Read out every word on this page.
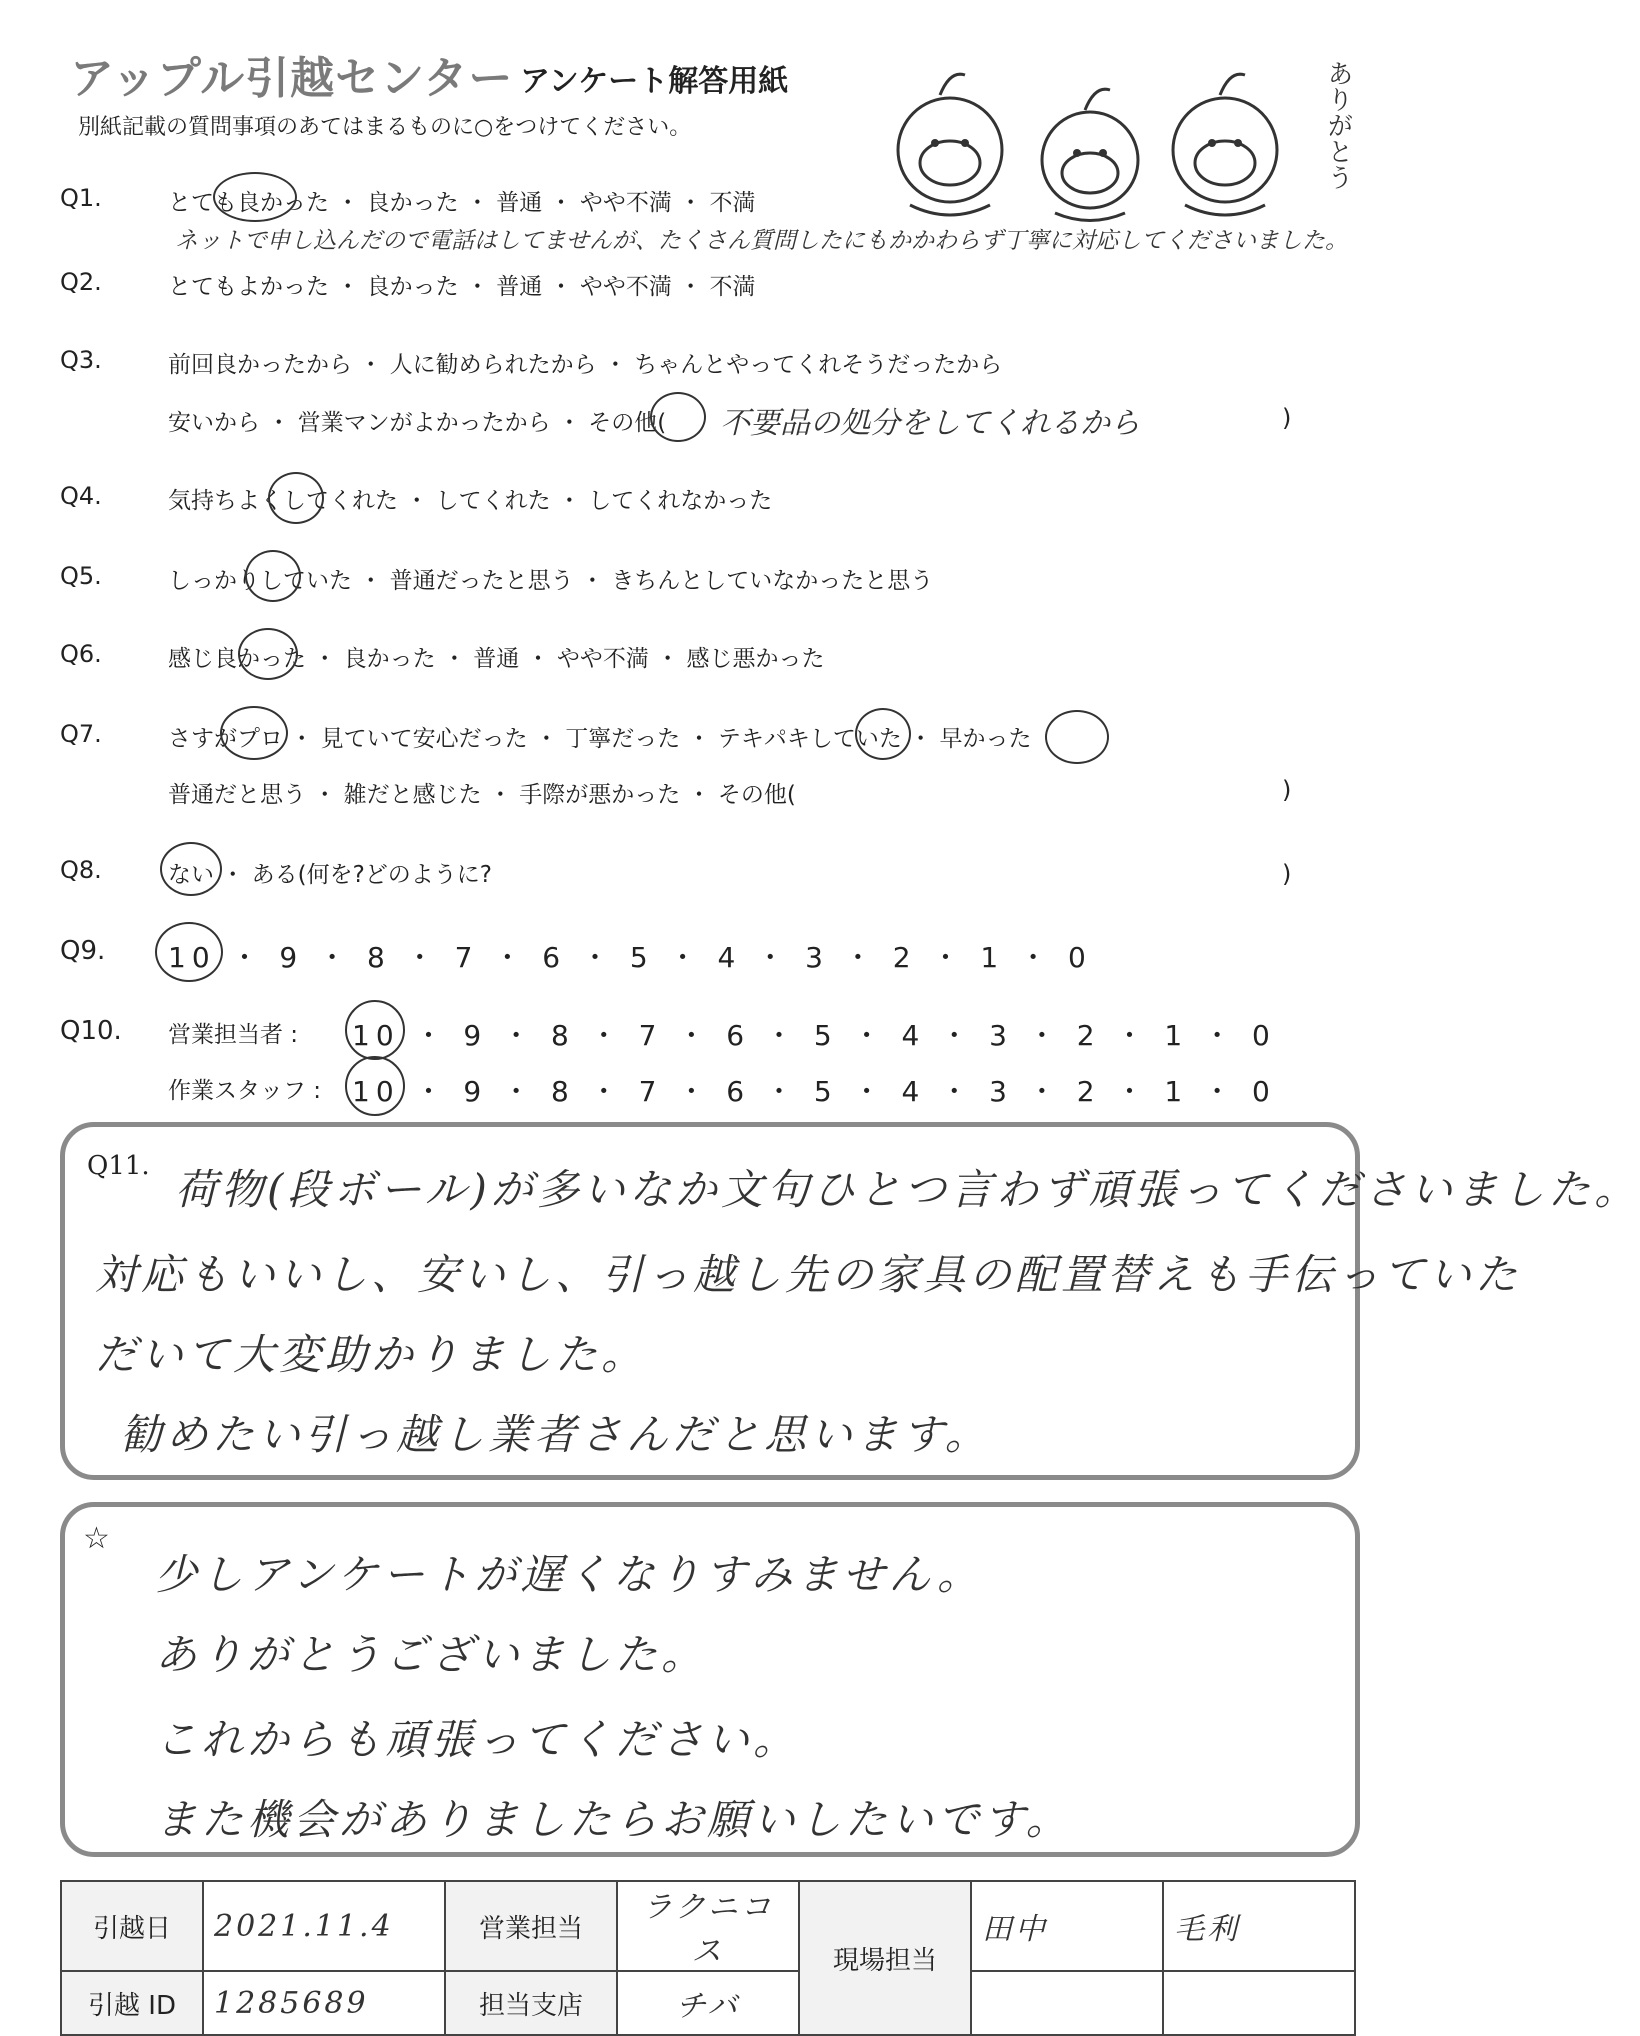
アップル引越センター アンケート解答用紙
別紙記載の質問事項のあてはまるものに○をつけてください。	ありがとう
Q1.	とても良かった ・ 良かった ・ 普通 ・ やや不満 ・ 不満
ネットで申し込んだので電話はしてませんが、たくさん質問したにもかかわらず丁寧に対応してくださいました。
Q2.	とてもよかった ・ 良かった ・ 普通 ・ やや不満 ・ 不満
Q3.	前回良かったから ・ 人に勧められたから ・ ちゃんとやってくれそうだったから
安いから ・ 営業マンがよかったから ・ その他( 不要品の処分をしてくれるから	)
Q4.	気持ちよくしてくれた ・ してくれた ・ してくれなかった
Q5.	しっかりしていた ・ 普通だったと思う ・ きちんとしていなかったと思う
Q6.	感じ良かった ・ 良かった ・ 普通 ・ やや不満 ・ 感じ悪かった
Q7.	さすがプロ ・ 見ていて安心だった ・ 丁寧だった ・ テキパキしていた ・ 早かった
普通だと思う ・ 雑だと感じた ・ 手際が悪かった ・ その他(	)
Q8.	ない ・ ある(何を?どのように?	)
Q9. 10 ・ 9 ・ 8 ・ 7 ・ 6 ・ 5 ・ 4 ・ 3 ・ 2 ・ 1 ・ 0
Q10. 営業担当者 : 10 ・ 9 ・ 8 ・ 7 ・ 6 ・ 5 ・ 4 ・ 3 ・ 2 ・ 1 ・ 0
作業スタッフ : 10 ・ 9 ・ 8 ・ 7 ・ 6 ・ 5 ・ 4 ・ 3 ・ 2 ・ 1 ・ 0
Q11. 荷物(段ボール)が多いなか文句ひとつ言わず頑張ってくださいました。
対応もいいし、安いし、引っ越し先の家具の配置替えも手伝っていた
だいて大変助かりました。
勧めたい引っ越し業者さんだと思います。
☆
少しアンケートが遅くなりすみません。
ありがとうございました。
これからも頑張ってください。
また機会がありましたらお願いしたいです。
引越日	2021.11.4	営業担当	ラクニコス	現場担当	田中	毛利
引越 ID	1285689	担当支店	チバ			
